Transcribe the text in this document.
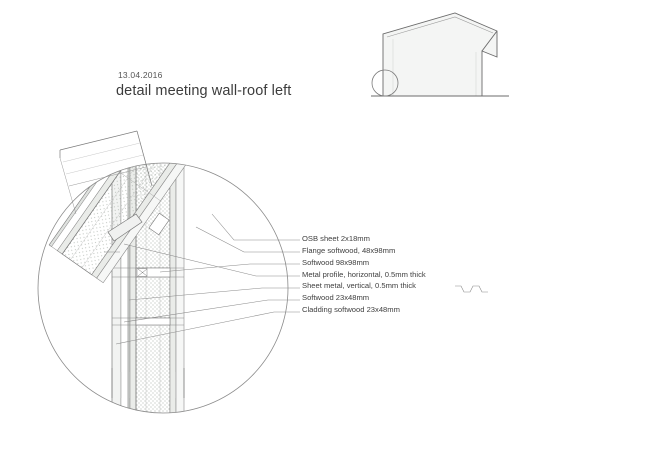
13.04.2016
detail meeting wall-roof left
OSB sheet 2x18mm
Flange softwood, 48x98mm
Softwood 98x98mm
Metal profile, horizontal, 0.5mm thick
Sheet metal, vertical, 0.5mm thick
Softwood 23x48mm
Cladding softwood 23x48mm
